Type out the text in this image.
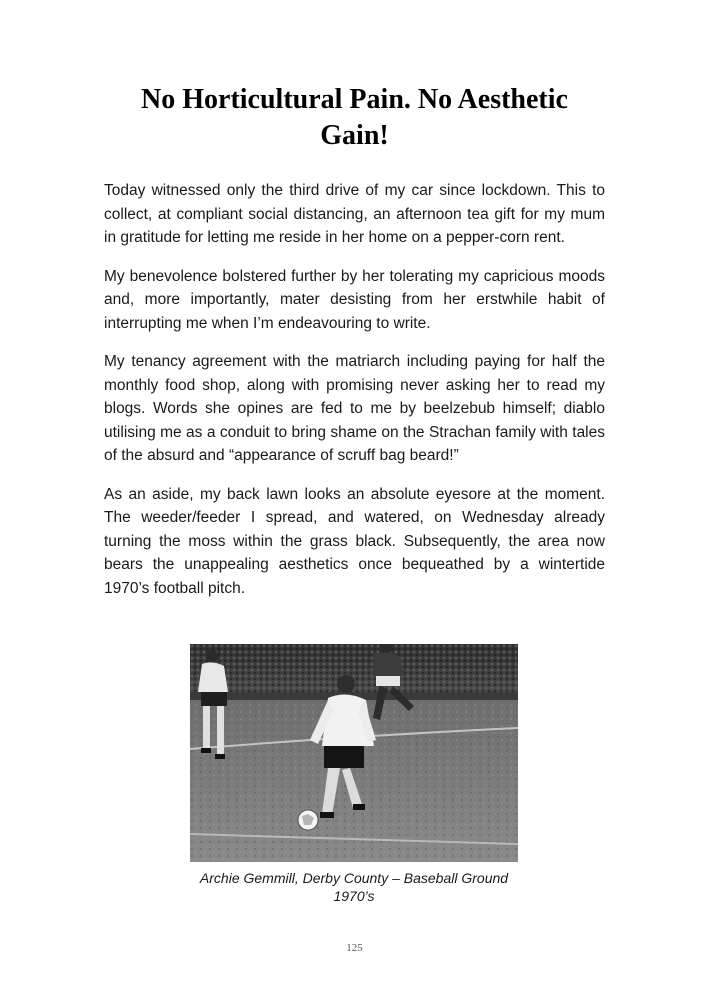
No Horticultural Pain. No Aesthetic
Gain!

Today witnessed only the third drive of my car since lockdown. This to collect, at compliant social distancing, an afternoon tea gift for my mum in gratitude for letting me reside in her home on a pepper-corn rent.

My benevolence bolstered further by her tolerating my capricious moods and, more importantly, mater desisting from her erstwhile habit of interrupting me when I’m endeavouring to write.

My tenancy agreement with the matriarch including paying for half the monthly food shop, along with promising never asking her to read my blogs. Words she opines are fed to me by beelzebub himself; diablo utilising me as a conduit to bring shame on the Strachan family with tales of the absurd and “appearance of scruff bag beard!”

As an aside, my back lawn looks an absolute eyesore at the moment. The weeder/feeder I spread, and watered, on Wednesday already turning the moss within the grass black. Subsequently, the area now bears the unappealing aesthetics once bequeathed by a wintertide 1970’s football pitch.

Archie Gemmill, Derby County – Baseball Ground
1970’s

125
